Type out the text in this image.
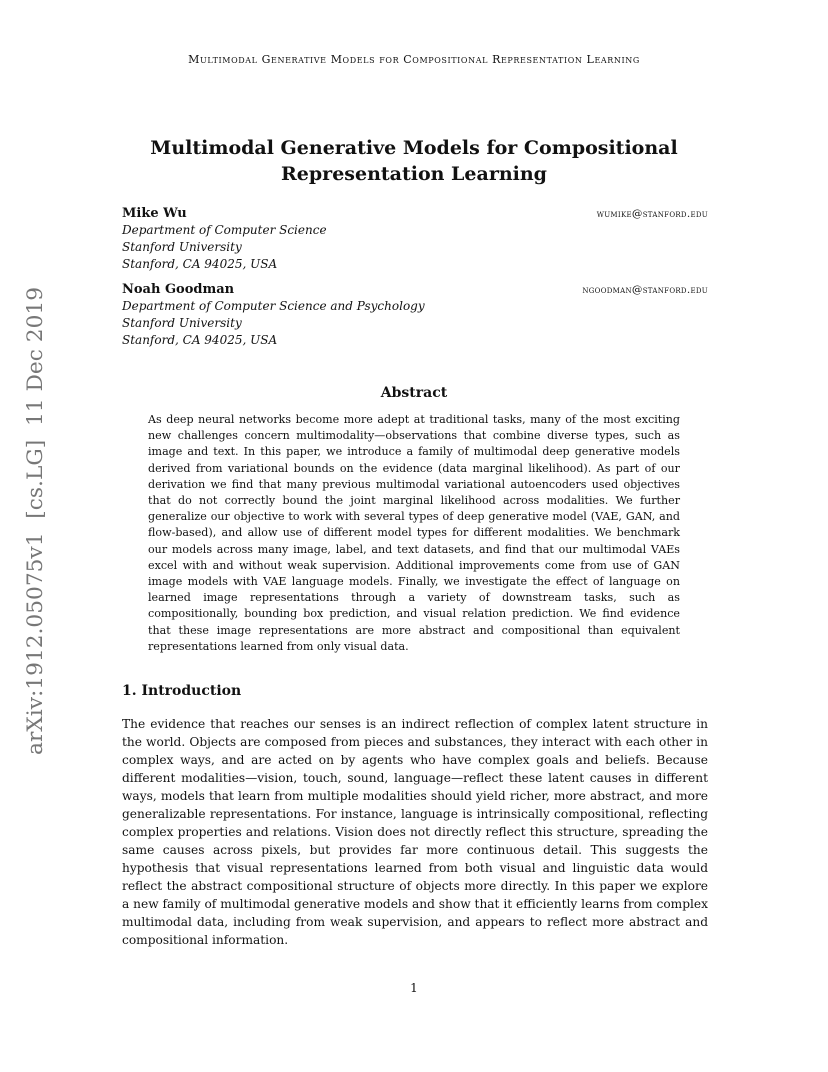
Multimodal Generative Models for Compositional Representation Learning
Multimodal Generative Models for Compositional
Representation Learning
Mike Wu	wumike@stanford.edu
Department of Computer Science
Stanford University
Stanford, CA 94025, USA
Noah Goodman	ngoodman@stanford.edu
Department of Computer Science and Psychology
Stanford University
Stanford, CA 94025, USA
arXiv:1912.05075v1  [cs.LG]  11 Dec 2019	Abstract
As deep neural networks become more adept at traditional tasks, many of the most exciting new challenges concern multimodality—observations that combine diverse types, such as image and text. In this paper, we introduce a family of multimodal deep generative models derived from variational bounds on the evidence (data marginal likelihood). As part of our derivation we find that many previous multimodal variational autoencoders used objectives that do not correctly bound the joint marginal likelihood across modalities. We further generalize our objective to work with several types of deep generative model (VAE, GAN, and flow-based), and allow use of different model types for different modalities. We benchmark our models across many image, label, and text datasets, and find that our multimodal VAEs excel with and without weak supervision. Additional improvements come from use of GAN image models with VAE language models. Finally, we investigate the effect of language on learned image representations through a variety of downstream tasks, such as compositionally, bounding box prediction, and visual relation prediction. We find evidence that these image representations are more abstract and compositional than equivalent representations learned from only visual data.
1. Introduction
The evidence that reaches our senses is an indirect reflection of complex latent structure in the world. Objects are composed from pieces and substances, they interact with each other in complex ways, and are acted on by agents who have complex goals and beliefs. Because different modalities—vision, touch, sound, language—reflect these latent causes in different ways, models that learn from multiple modalities should yield richer, more abstract, and more generalizable representations. For instance, language is intrinsically compositional, reflecting complex properties and relations. Vision does not directly reflect this structure, spreading the same causes across pixels, but provides far more continuous detail. This suggests the hypothesis that visual representations learned from both visual and linguistic data would reflect the abstract compositional structure of objects more directly. In this paper we explore a new family of multimodal generative models and show that it efficiently learns from complex multimodal data, including from weak supervision, and appears to reflect more abstract and compositional information.
1
